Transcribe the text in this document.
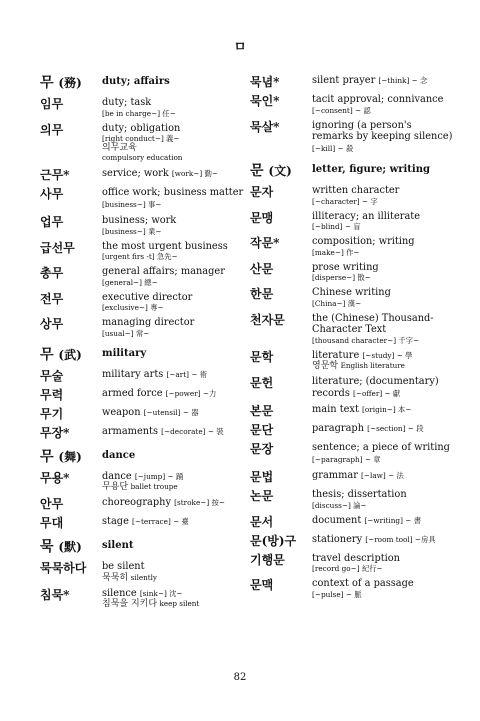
ㅁ
무 (務)	duty; affairs
임무	duty; task
[be in charge~] 任~
의무	duty; obligation
[right conduct~] 義~
의무교육
compulsory education
근무*	service; work [work~] 勤~
사무	office work; business matter [business~] 事~
업무	business; work
[business~] 業~
급선무	the most urgent business
[urgent firs -t] 急先~
총무	general affairs; manager
[general~] 總~
전무	executive director
[exclusive~] 專~
상무	managing director
[usual~] 常~
무 (武)	military
무술	military arts [~art] ~ 術
무력	armed force [~power] ~力
무기	weapon [~utensil] ~ 器
무장*	armaments [~decorate] ~ 裝
무 (舞)	dance
무용*	dance [~jump] ~ 踊
무용단 ballet troupe
안무	choreography [stroke~] 按~
무대	stage [~terrace] ~ 臺
묵 (默)	silent
묵묵하다	be silent
묵묵히 silently
침묵*	silence [sink~] 沈~
침묵을 지키다 keep silent
묵념*	silent prayer [~think] ~ 念
묵인*	tacit approval; connivance
[~consent] ~ 認
묵살*	ignoring (a person's remarks by keeping silence) [~kill] ~ 殺
문 (文)	letter, figure; writing
문자	written character
[~character] ~ 字
문맹	illiteracy; an illiterate
[~blind] ~ 盲
작문*	composition; writing
[make~] 作~
산문	prose writing
[disperse~] 散~
한문	Chinese writing
[China~] 漢~
천자문	the (Chinese) Thousand-Character Text
[thousand character~] 千字~
문학	literature [~study] ~ 學
영문학 English literature
문헌	literature; (documentary) records [~offer] ~ 獻
본문	main text [origin~] 本~
문단	paragraph [~section] ~ 段
문장	sentence; a piece of writing [~paragraph] ~ 章
문법	grammar [~law] ~ 法
논문	thesis; dissertation
[discuss~] 論~
문서	document [~writing] ~ 書
문(방)구	stationery [~room tool] ~房具
기행문	travel description
[record go~] 紀行~
문맥	context of a passage
[~pulse] ~ 脈
82
